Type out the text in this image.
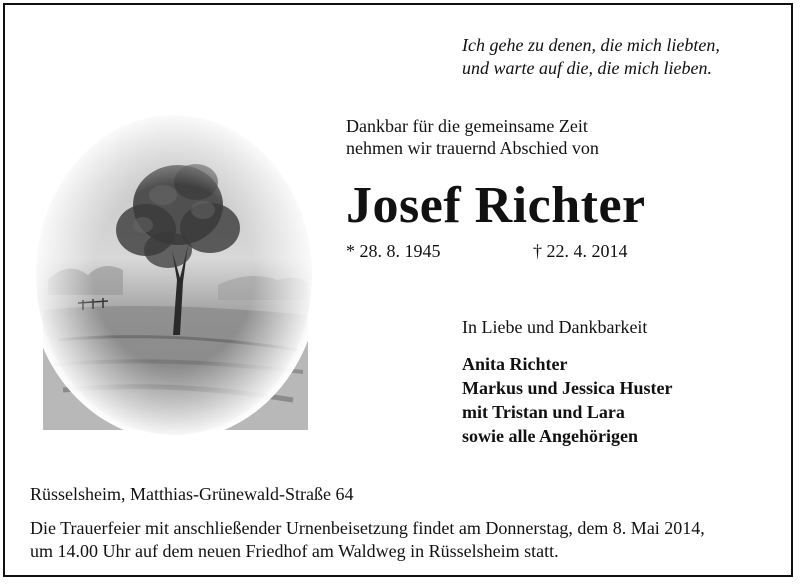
Ich gehe zu denen, die mich liebten,
und warte auf die, die mich lieben.
Dankbar für die gemeinsame Zeit
nehmen wir trauernd Abschied von
Josef Richter
* 28. 8. 1945	† 22. 4. 2014
In Liebe und Dankbarkeit
Anita Richter
Markus und Jessica Huster
mit Tristan und Lara
sowie alle Angehörigen
Rüsselsheim, Matthias-Grünewald-Straße 64
Die Trauerfeier mit anschließender Urnenbeisetzung findet am Donnerstag, dem 8. Mai 2014,
um 14.00 Uhr auf dem neuen Friedhof am Waldweg in Rüsselsheim statt.
